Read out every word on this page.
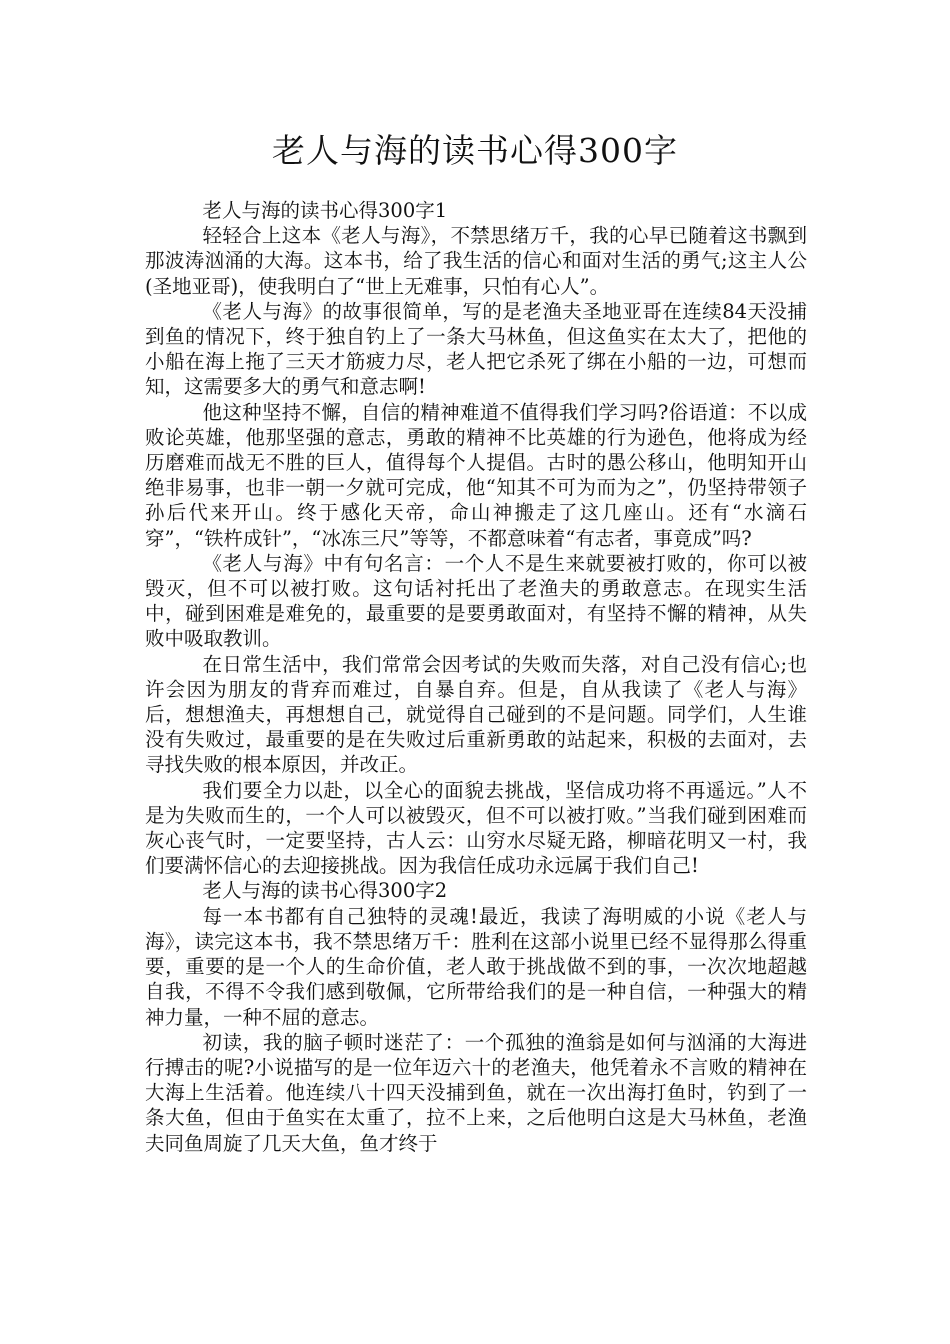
老人与海的读书心得300字

老人与海的读书心得300字1

轻轻合上这本《老人与海》，不禁思绪万千，我的心早已随着这书飘到那波涛汹涌的大海。这本书，给了我生活的信心和面对生活的勇气;这主人公(圣地亚哥)，使我明白了“世上无难事，只怕有心人”。

《老人与海》的故事很简单，写的是老渔夫圣地亚哥在连续84天没捕到鱼的情况下，终于独自钓上了一条大马林鱼，但这鱼实在太大了，把他的小船在海上拖了三天才筋疲力尽，老人把它杀死了绑在小船的一边，可想而知，这需要多大的勇气和意志啊!

他这种坚持不懈，自信的精神难道不值得我们学习吗?俗语道：不以成败论英雄，他那坚强的意志，勇敢的精神不比英雄的行为逊色，他将成为经历磨难而战无不胜的巨人，值得每个人提倡。古时的愚公移山，他明知开山绝非易事，也非一朝一夕就可完成，他“知其不可为而为之”，仍坚持带领子孙后代来开山。终于感化天帝，命山神搬走了这几座山。还有“水滴石穿”，“铁杵成针”，“冰冻三尺”等等，不都意味着“有志者，事竟成”吗?

《老人与海》中有句名言：一个人不是生来就要被打败的，你可以被毁灭，但不可以被打败。这句话衬托出了老渔夫的勇敢意志。在现实生活中，碰到困难是难免的，最重要的是要勇敢面对，有坚持不懈的精神，从失败中吸取教训。

在日常生活中，我们常常会因考试的失败而失落，对自己没有信心;也许会因为朋友的背弃而难过，自暴自弃。但是，自从我读了《老人与海》后，想想渔夫，再想想自己，就觉得自己碰到的不是问题。同学们，人生谁没有失败过，最重要的是在失败过后重新勇敢的站起来，积极的去面对，去寻找失败的根本原因，并改正。

我们要全力以赴，以全心的面貌去挑战，坚信成功将不再遥远。”人不是为失败而生的，一个人可以被毁灭，但不可以被打败。”当我们碰到困难而灰心丧气时，一定要坚持，古人云：山穷水尽疑无路，柳暗花明又一村，我们要满怀信心的去迎接挑战。因为我信任成功永远属于我们自己!

老人与海的读书心得300字2

每一本书都有自己独特的灵魂!最近，我读了海明威的小说《老人与海》，读完这本书，我不禁思绪万千：胜利在这部小说里已经不显得那么得重要，重要的是一个人的生命价值，老人敢于挑战做不到的事，一次次地超越自我，不得不令我们感到敬佩，它所带给我们的是一种自信，一种强大的精神力量，一种不屈的意志。

初读，我的脑子顿时迷茫了：一个孤独的渔翁是如何与汹涌的大海进行搏击的呢?小说描写的是一位年迈六十的老渔夫，他凭着永不言败的精神在大海上生活着。他连续八十四天没捕到鱼，就在一次出海打鱼时，钓到了一条大鱼，但由于鱼实在太重了，拉不上来，之后他明白这是大马林鱼，老渔夫同鱼周旋了几天大鱼，鱼才终于
